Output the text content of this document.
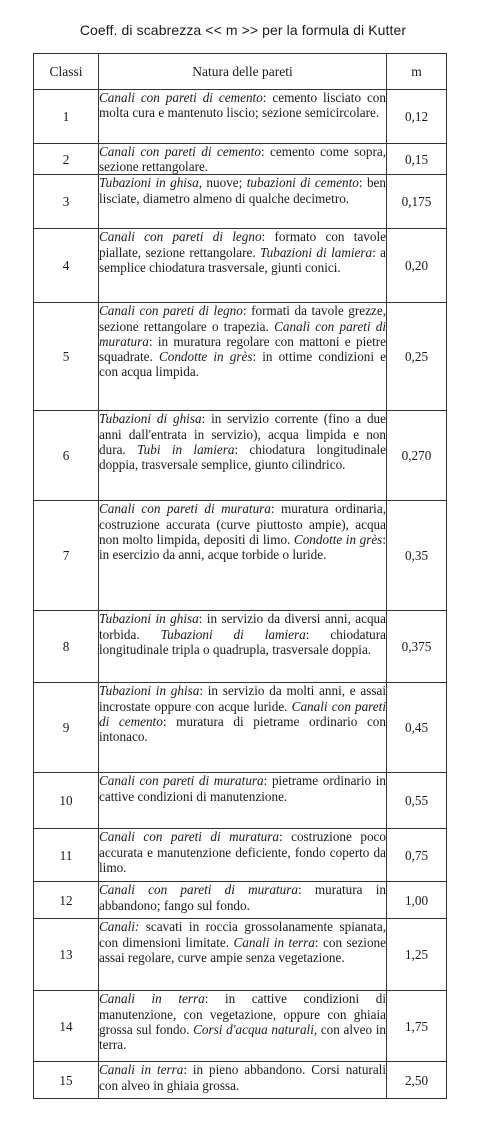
Coeff. di scabrezza << m >> per la formula di Kutter
Classi	Natura delle pareti	m
1	Canali con pareti di cemento: cemento lisciato con molta cura e mantenuto liscio; sezione semicircolare.	0,12
2	Canali con pareti di cemento: cemento come sopra, sezione rettangolare.	0,15
3	Tubazioni in ghisa, nuove; tubazioni di cemento: ben lisciate, diametro almeno di qualche decimetro.	0,175
4	Canali con pareti di legno: formato con tavole piallate, sezione rettangolare. Tubazioni di lamiera: a semplice chiodatura trasversale, giunti conici.	0,20
5	Canali con pareti di legno: formati da tavole grezze, sezione rettangolare o trapezia. Canali con pareti di muratura: in muratura regolare con mattoni e pietre squadrate. Condotte in grès: in ottime condizioni e con acqua limpida.	0,25
6	Tubazioni di ghisa: in servizio corrente (fino a due anni dall'entrata in servizio), acqua limpida e non dura. Tubi in lamiera: chiodatura longitudinale doppia, trasversale semplice, giunto cilindrico.	0,270
7	Canali con pareti di muratura: muratura ordinaria, costruzione accurata (curve piuttosto ampie), acqua non molto limpida, depositi di limo. Condotte in grès: in esercizio da anni, acque torbide o luride.	0,35
8	Tubazioni in ghisa: in servizio da diversi anni, acqua torbida. Tubazioni di lamiera: chiodatura longitudinale tripla o quadrupla, trasversale doppia.	0,375
9	Tubazioni in ghisa: in servizio da molti anni, e assai incrostate oppure con acque luride. Canali con pareti di cemento: muratura di pietrame ordinario con intonaco.	0,45
10	Canali con pareti di muratura: pietrame ordinario in cattive condizioni di manutenzione.	0,55
11	Canali con pareti di muratura: costruzione poco accurata e manutenzione deficiente, fondo coperto da limo.	0,75
12	Canali con pareti di muratura: muratura in abbandono; fango sul fondo.	1,00
13	Canali: scavati in roccia grossolanamente spianata, con dimensioni limitate. Canali in terra: con sezione assai regolare, curve ampie senza vegetazione.	1,25
14	Canali in terra: in cattive condizioni di manutenzione, con vegetazione, oppure con ghiaia grossa sul fondo. Corsi d'acqua naturali, con alveo in terra.	1,75
15	Canali in terra: in pieno abbandono. Corsi naturali con alveo in ghiaia grossa.	2,50
